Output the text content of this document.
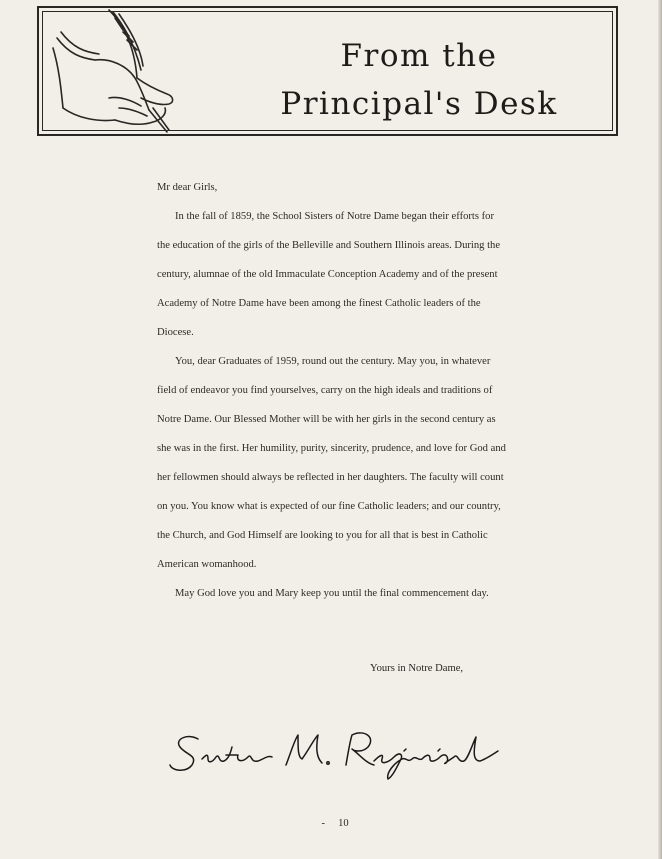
From the
Principal's Desk

Mr dear Girls,

In the fall of 1859, the School Sisters of Notre Dame began their efforts for the education of the girls of the Belleville and Southern Illinois areas. During the century, alumnae of the old Immaculate Conception Academy and of the present Academy of Notre Dame have been among the finest Catholic leaders of the Diocese.

You, dear Graduates of 1959, round out the century. May you, in whatever field of endeavor you find yourselves, carry on the high ideals and traditions of Notre Dame. Our Blessed Mother will be with her girls in the second century as she was in the first. Her humility, purity, sincerity, prudence, and love for God and her fellowmen should always be reflected in her daughters. The faculty will count on you. You know what is expected of our fine Catholic leaders; and our country, the Church, and God Himself are looking to you for all that is best in Catholic American womanhood.

May God love you and Mary keep you until the final commencement day.

Yours in Notre Dame,
-     10
